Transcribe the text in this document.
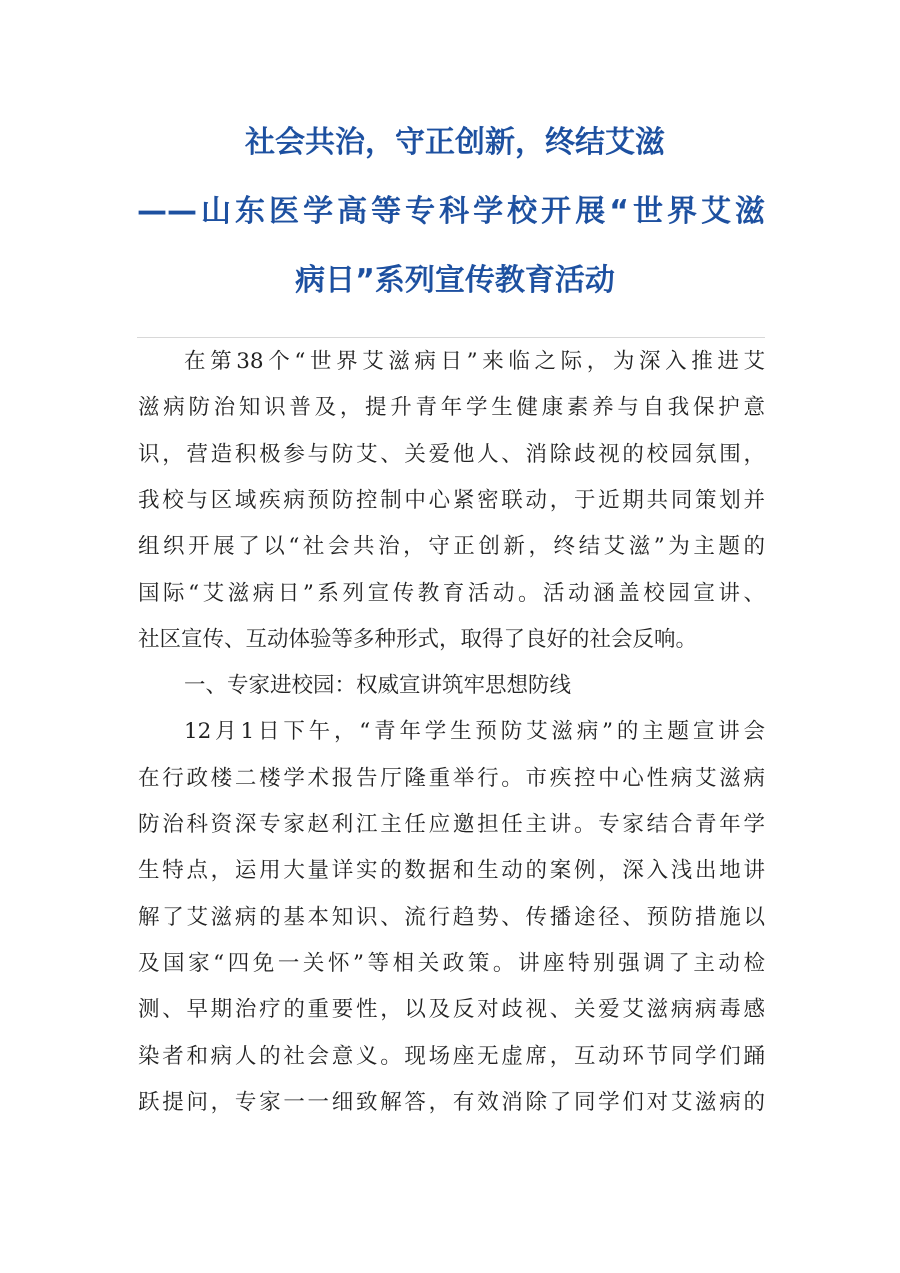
社会共治，守正创新，终结艾滋
——山东医学高等专科学校开展“世界艾滋
病日”系列宣传教育活动
在第38个“世界艾滋病日”来临之际，为深入推进艾
滋病防治知识普及，提升青年学生健康素养与自我保护意
识，营造积极参与防艾、关爱他人、消除歧视的校园氛围，
我校与区域疾病预防控制中心紧密联动，于近期共同策划并
组织开展了以“社会共治，守正创新，终结艾滋”为主题的
国际“艾滋病日”系列宣传教育活动。活动涵盖校园宣讲、
社区宣传、互动体验等多种形式，取得了良好的社会反响。
一、专家进校园：权威宣讲筑牢思想防线
12月1日下午，“青年学生预防艾滋病”的主题宣讲会
在行政楼二楼学术报告厅隆重举行。市疾控中心性病艾滋病
防治科资深专家赵利江主任应邀担任主讲。专家结合青年学
生特点，运用大量详实的数据和生动的案例，深入浅出地讲
解了艾滋病的基本知识、流行趋势、传播途径、预防措施以
及国家“四免一关怀”等相关政策。讲座特别强调了主动检
测、早期治疗的重要性，以及反对歧视、关爱艾滋病病毒感
染者和病人的社会意义。现场座无虚席，互动环节同学们踊
跃提问，专家一一细致解答，有效消除了同学们对艾滋病的
